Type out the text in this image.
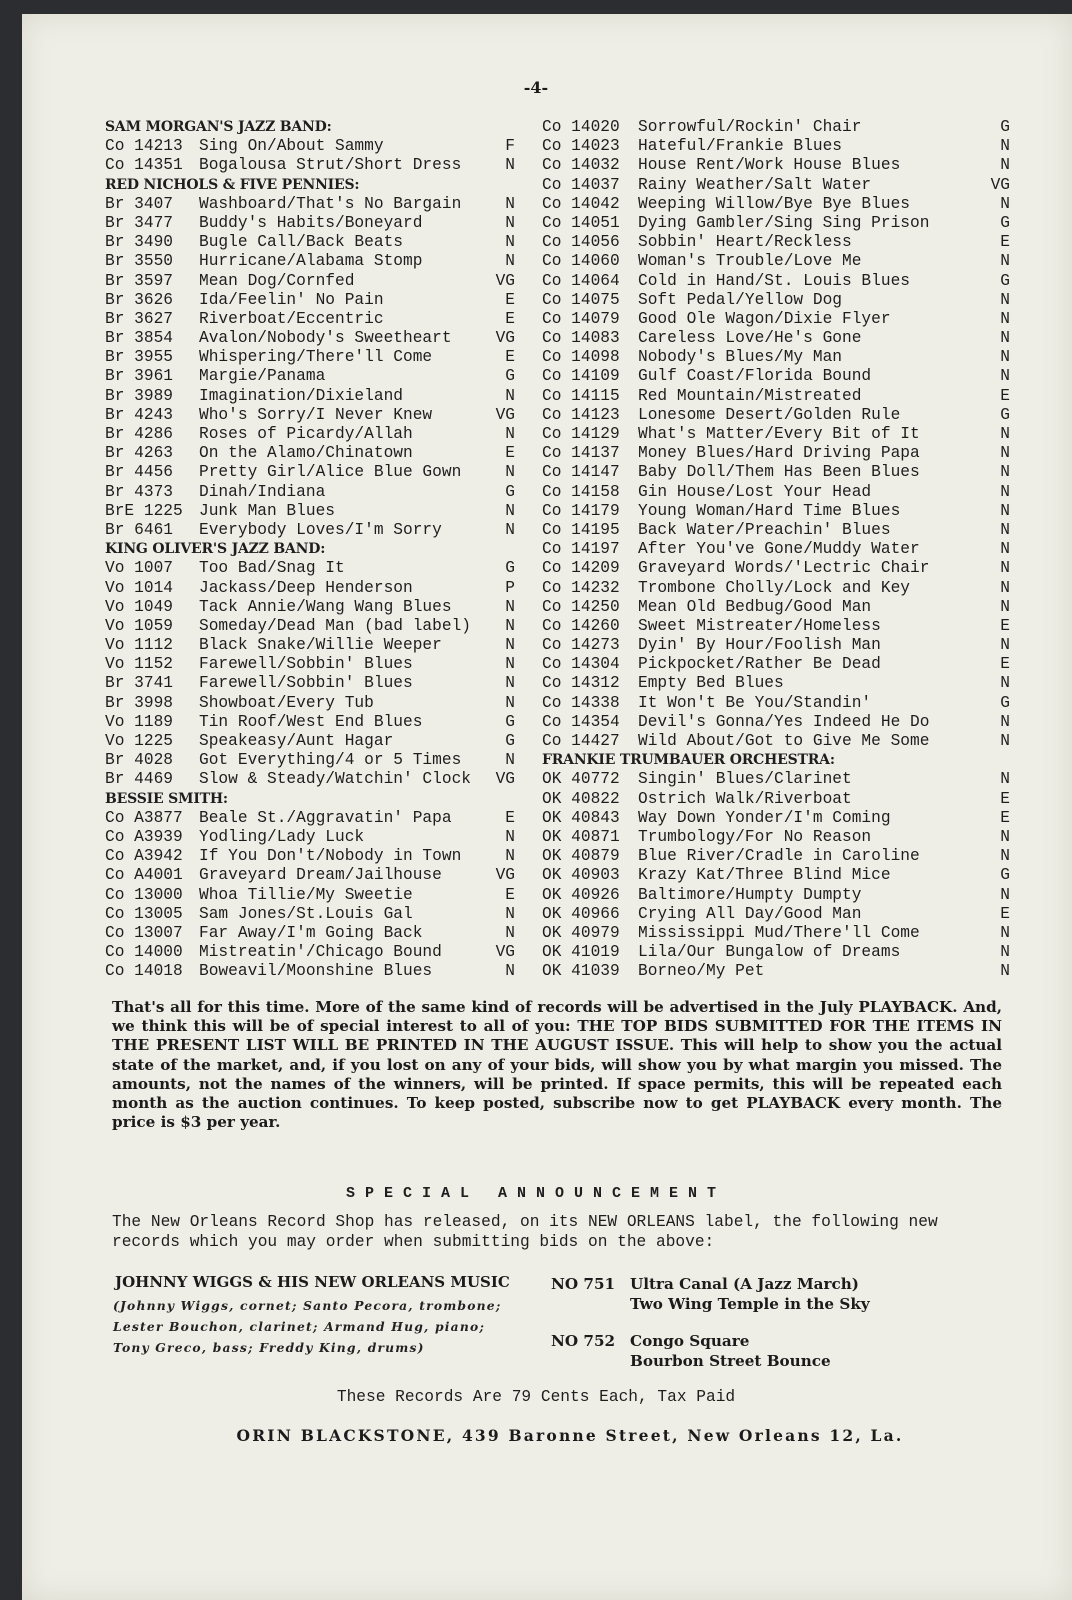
-4-
SAM MORGAN'S JAZZ BAND:
Co 14213	Sing On/About Sammy	F
Co 14351	Bogalousa Strut/Short Dress	N
RED NICHOLS & FIVE PENNIES:
Br 3407	Washboard/That's No Bargain	N
Br 3477	Buddy's Habits/Boneyard	N
Br 3490	Bugle Call/Back Beats	N
Br 3550	Hurricane/Alabama Stomp	N
Br 3597	Mean Dog/Cornfed	VG
Br 3626	Ida/Feelin' No Pain	E
Br 3627	Riverboat/Eccentric	E
Br 3854	Avalon/Nobody's Sweetheart	VG
Br 3955	Whispering/There'll Come	E
Br 3961	Margie/Panama	G
Br 3989	Imagination/Dixieland	N
Br 4243	Who's Sorry/I Never Knew	VG
Br 4286	Roses of Picardy/Allah	N
Br 4263	On the Alamo/Chinatown	E
Br 4456	Pretty Girl/Alice Blue Gown	N
Br 4373	Dinah/Indiana	G
BrE 1225	Junk Man Blues	N
Br 6461	Everybody Loves/I'm Sorry	N
KING OLIVER'S JAZZ BAND:
Vo 1007	Too Bad/Snag It	G
Vo 1014	Jackass/Deep Henderson	P
Vo 1049	Tack Annie/Wang Wang Blues	N
Vo 1059	Someday/Dead Man (bad label)	N
Vo 1112	Black Snake/Willie Weeper	N
Vo 1152	Farewell/Sobbin' Blues	N
Br 3741	Farewell/Sobbin' Blues	N
Br 3998	Showboat/Every Tub	N
Vo 1189	Tin Roof/West End Blues	G
Vo 1225	Speakeasy/Aunt Hagar	G
Br 4028	Got Everything/4 or 5 Times	N
Br 4469	Slow & Steady/Watchin' Clock	VG
BESSIE SMITH:
Co A3877	Beale St./Aggravatin' Papa	E
Co A3939	Yodling/Lady Luck	N
Co A3942	If You Don't/Nobody in Town	N
Co A4001	Graveyard Dream/Jailhouse	VG
Co 13000	Whoa Tillie/My Sweetie	E
Co 13005	Sam Jones/St.Louis Gal	N
Co 13007	Far Away/I'm Going Back	N
Co 14000	Mistreatin'/Chicago Bound	VG
Co 14018	Boweavil/Moonshine Blues	N
Co 14020	Sorrowful/Rockin' Chair	G
Co 14023	Hateful/Frankie Blues	N
Co 14032	House Rent/Work House Blues	N
Co 14037	Rainy Weather/Salt Water	VG
Co 14042	Weeping Willow/Bye Bye Blues	N
Co 14051	Dying Gambler/Sing Sing Prison	G
Co 14056	Sobbin' Heart/Reckless	E
Co 14060	Woman's Trouble/Love Me	N
Co 14064	Cold in Hand/St. Louis Blues	G
Co 14075	Soft Pedal/Yellow Dog	N
Co 14079	Good Ole Wagon/Dixie Flyer	N
Co 14083	Careless Love/He's Gone	N
Co 14098	Nobody's Blues/My Man	N
Co 14109	Gulf Coast/Florida Bound	N
Co 14115	Red Mountain/Mistreated	E
Co 14123	Lonesome Desert/Golden Rule	G
Co 14129	What's Matter/Every Bit of It	N
Co 14137	Money Blues/Hard Driving Papa	N
Co 14147	Baby Doll/Them Has Been Blues	N
Co 14158	Gin House/Lost Your Head	N
Co 14179	Young Woman/Hard Time Blues	N
Co 14195	Back Water/Preachin' Blues	N
Co 14197	After You've Gone/Muddy Water	N
Co 14209	Graveyard Words/'Lectric Chair	N
Co 14232	Trombone Cholly/Lock and Key	N
Co 14250	Mean Old Bedbug/Good Man	N
Co 14260	Sweet Mistreater/Homeless	E
Co 14273	Dyin' By Hour/Foolish Man	N
Co 14304	Pickpocket/Rather Be Dead	E
Co 14312	Empty Bed Blues	N
Co 14338	It Won't Be You/Standin'	G
Co 14354	Devil's Gonna/Yes Indeed He Do	N
Co 14427	Wild About/Got to Give Me Some	N
FRANKIE TRUMBAUER ORCHESTRA:
OK 40772	Singin' Blues/Clarinet	N
OK 40822	Ostrich Walk/Riverboat	E
OK 40843	Way Down Yonder/I'm Coming	E
OK 40871	Trumbology/For No Reason	N
OK 40879	Blue River/Cradle in Caroline	N
OK 40903	Krazy Kat/Three Blind Mice	G
OK 40926	Baltimore/Humpty Dumpty	N
OK 40966	Crying All Day/Good Man	E
OK 40979	Mississippi Mud/There'll Come	N
OK 41019	Lila/Our Bungalow of Dreams	N
OK 41039	Borneo/My Pet	N
That's all for this time. More of the same kind of records will be advertised in the July PLAYBACK. And, we think this will be of special interest to all of you: THE TOP BIDS SUBMITTED FOR THE ITEMS IN THE PRESENT LIST WILL BE PRINTED IN THE AUGUST ISSUE. This will help to show you the actual state of the market, and, if you lost on any of your bids, will show you by what margin you missed. The amounts, not the names of the winners, will be printed. If space permits, this will be repeated each month as the auction continues. To keep posted, subscribe now to get PLAYBACK every month. The price is $3 per year.
SPECIAL ANNOUNCEMENT
The New Orleans Record Shop has released, on its NEW ORLEANS label, the following new records which you may order when submitting bids on the above:
JOHNNY WIGGS & HIS NEW ORLEANS MUSIC
(Johnny Wiggs, cornet; Santo Pecora, trombone; Lester Bouchon, clarinet; Armand Hug, piano; Tony Greco, bass; Freddy King, drums)
NO 751 Ultra Canal (A Jazz March)
Two Wing Temple in the Sky
NO 752 Congo Square
Bourbon Street Bounce
These Records Are 79 Cents Each, Tax Paid
ORIN BLACKSTONE, 439 Baronne Street, New Orleans 12, La.
